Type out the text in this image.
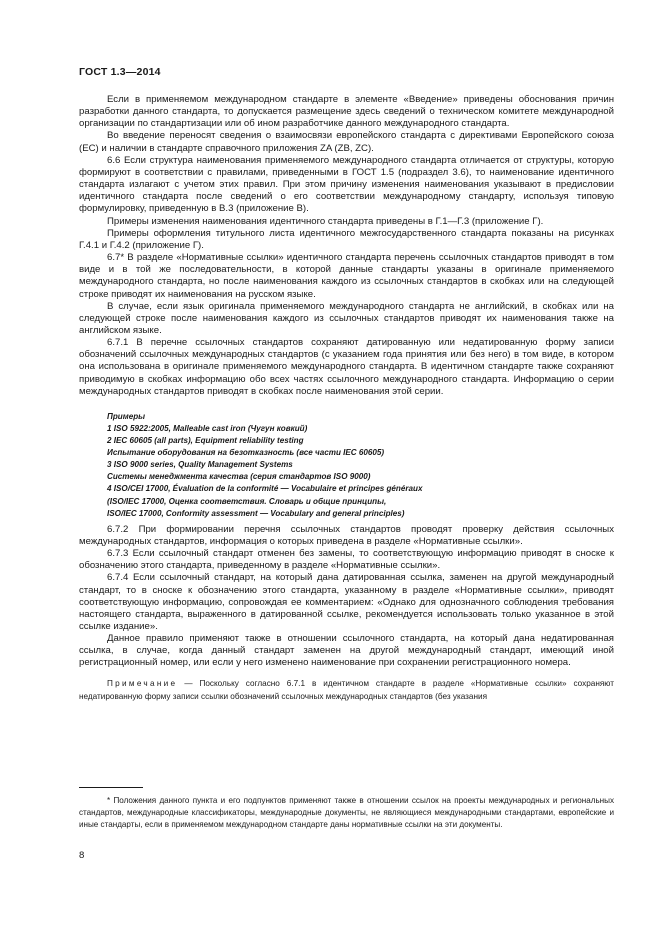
ГОСТ 1.3—2014

Если в применяемом международном стандарте в элементе «Введение» приведены обоснования причин разработки данного стандарта, то допускается размещение здесь сведений о техническом комитете международной организации по стандартизации или об ином разработчике данного международного стандарта.

Во введение переносят сведения о взаимосвязи европейского стандарта с директивами Европейского союза (ЕС) и наличии в стандарте справочного приложения ZA (ZB, ZC).

6.6 Если структура наименования применяемого международного стандарта отличается от структуры, которую формируют в соответствии с правилами, приведенными в ГОСТ 1.5 (подраздел 3.6), то наименование идентичного стандарта излагают с учетом этих правил. При этом причину изменения наименования указывают в предисловии идентичного стандарта после сведений о его соответствии международному стандарту, используя типовую формулировку, приведенную в В.3 (приложение В).

Примеры изменения наименования идентичного стандарта приведены в Г.1—Г.3 (приложение Г).

Примеры оформления титульного листа идентичного межгосударственного стандарта показаны на рисунках Г.4.1 и Г.4.2 (приложение Г).

6.7* В разделе «Нормативные ссылки» идентичного стандарта перечень ссылочных стандартов приводят в том виде и в той же последовательности, в которой данные стандарты указаны в оригинале применяемого международного стандарта, но после наименования каждого из ссылочных стандартов в скобках или на следующей строке приводят их наименования на русском языке.

В случае, если язык оригинала применяемого международного стандарта не английский, в скобках или на следующей строке после наименования каждого из ссылочных стандартов приводят их наименования также на английском языке.

6.7.1 В перечне ссылочных стандартов сохраняют датированную или недатированную форму записи обозначений ссылочных международных стандартов (с указанием года принятия или без него) в том виде, в котором она использована в оригинале применяемого международного стандарта. В идентичном стандарте также сохраняют приводимую в скобках информацию обо всех частях ссылочного международного стандарта. Информацию о серии международных стандартов приводят в скобках после наименования этой серии.

Примеры
1 ISO 5922:2005, Malleable cast iron (Чугун ковкий)
2 IEC 60605 (all parts), Equipment reliability testing
Испытание оборудования на безотказность (все части IEC 60605)
3 ISO 9000 series, Quality Management Systems
Системы менеджмента качества (серия стандартов ISO 9000)
4 ISO/CEI 17000, Évaluation de la conformité — Vocabulaire et principes généraux
(ISO/IEC 17000, Оценка соответствия. Словарь и общие принципы,
ISO/IEC 17000, Conformity assessment — Vocabulary and general principles)

6.7.2 При формировании перечня ссылочных стандартов проводят проверку действия ссылочных международных стандартов, информация о которых приведена в разделе «Нормативные ссылки».

6.7.3 Если ссылочный стандарт отменен без замены, то соответствующую информацию приводят в сноске к обозначению этого стандарта, приведенному в разделе «Нормативные ссылки».

6.7.4 Если ссылочный стандарт, на который дана датированная ссылка, заменен на другой международный стандарт, то в сноске к обозначению этого стандарта, указанному в разделе «Нормативные ссылки», приводят соответствующую информацию, сопровождая ее комментарием: «Однако для однозначного соблюдения требования настоящего стандарта, выраженного в датированной ссылке, рекомендуется использовать только указанное в этой ссылке издание».

Данное правило применяют также в отношении ссылочного стандарта, на который дана недатированная ссылка, в случае, когда данный стандарт заменен на другой международный стандарт, имеющий иной регистрационный номер, или если у него изменено наименование при сохранении регистрационного номера.

Примечание — Поскольку согласно 6.7.1 в идентичном стандарте в разделе «Нормативные ссылки» сохраняют недатированную форму записи ссылки обозначений ссылочных международных стандартов (без указания

* Положения данного пункта и его подпунктов применяют также в отношении ссылок на проекты международных и региональных стандартов, международные классификаторы, международные документы, не являющиеся международными стандартами, европейские и иные стандарты, если в применяемом международном стандарте даны нормативные ссылки на эти документы.

8
